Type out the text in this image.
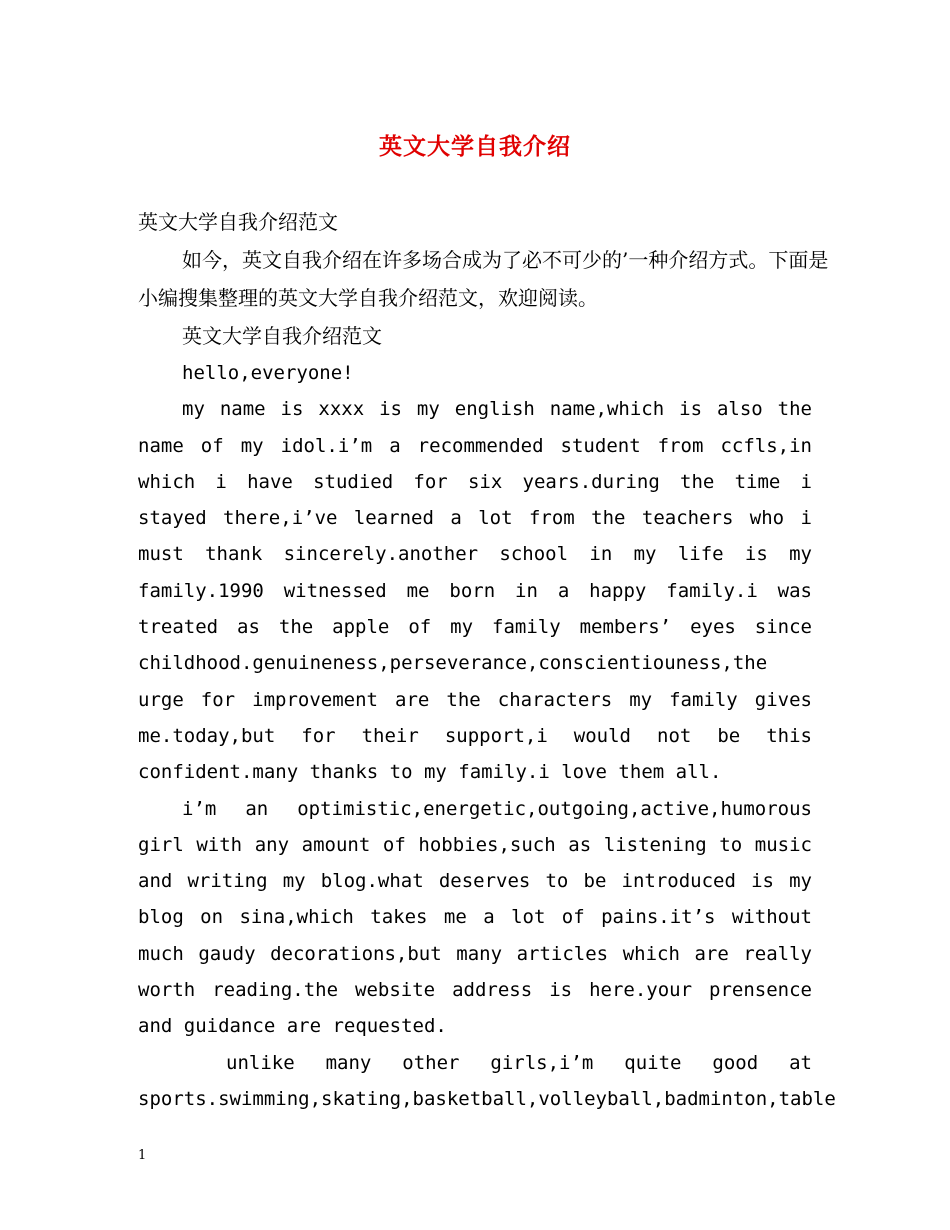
英文大学自我介绍

英文大学自我介绍范文

如今，英文自我介绍在许多场合成为了必不可少的’一种介绍方式。下面是小编搜集整理的英文大学自我介绍范文，欢迎阅读。

英文大学自我介绍范文

hello,everyone!

my name is xxxx is my english name,which is also the name of my idol.i’m a recommended student from ccfls,in which i have studied for six years.during the time i stayed there,i’ve learned a lot from the teachers who i must thank sincerely.another school in my life is my family.1990 witnessed me born in a happy family.i was treated as the apple of my family members’ eyes since childhood.genuineness,perseverance,conscientiouness,the urge for improvement are the characters my family gives me.today,but for their support,i would not be this confident.many thanks to my family.i love them all.

i’m an optimistic,energetic,outgoing,active,humorous girl with any amount of hobbies,such as listening to music and writing my blog.what deserves to be introduced is my blog on sina,which takes me a lot of pains.it’s without much gaudy decorations,but many articles which are really worth reading.the website address is here.your prensence and guidance are requested.

unlike many other girls,i’m quite good at sports.swimming,skating,basketball,volleyball,badminton,table

1
